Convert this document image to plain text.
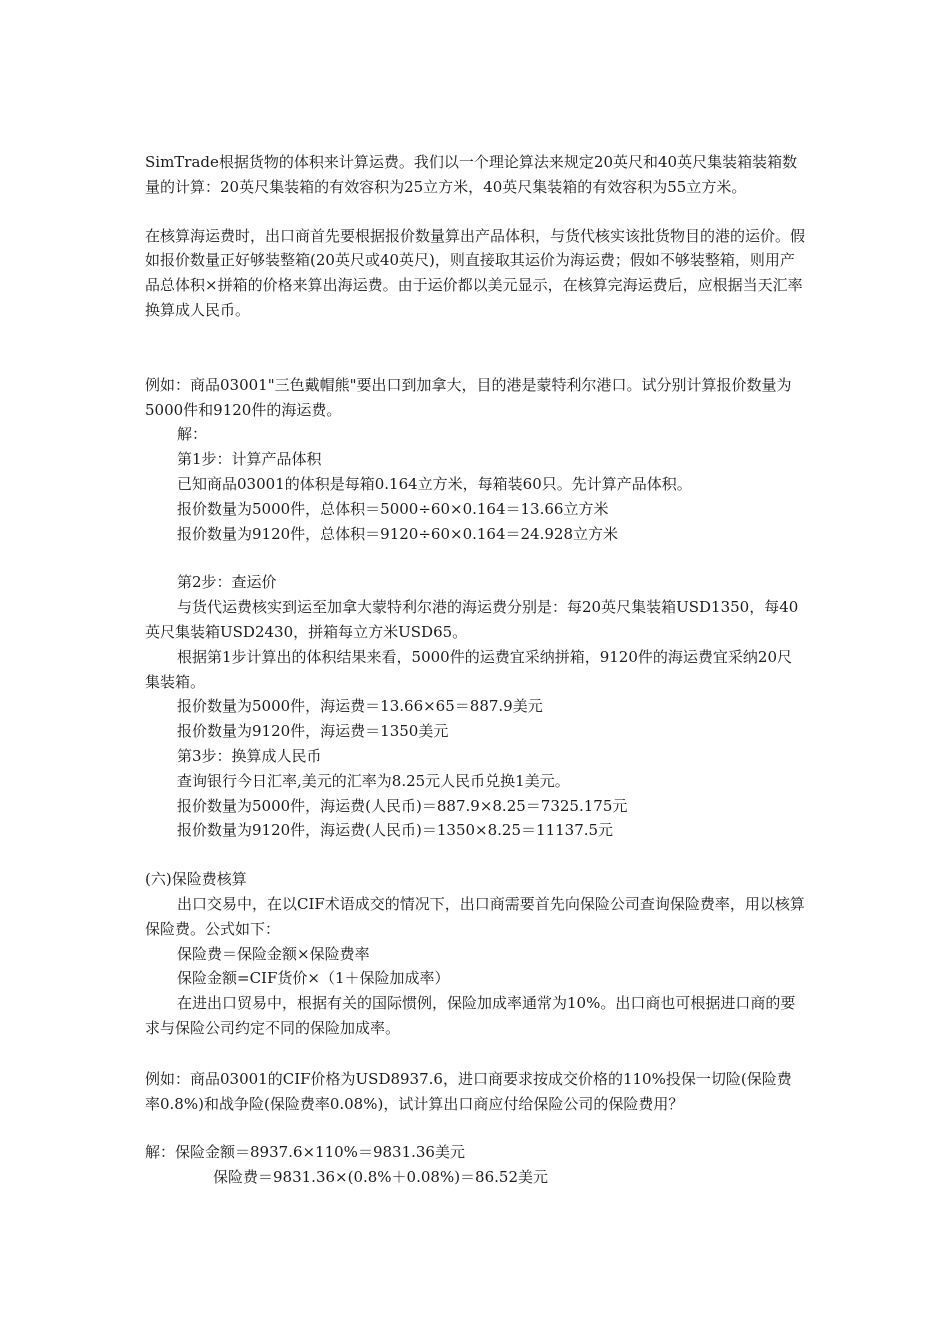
SimTrade根据货物的体积来计算运费。我们以一个理论算法来规定20英尺和40英尺集装箱装箱数量的计算：20英尺集装箱的有效容积为25立方米，40英尺集装箱的有效容积为55立方米。

在核算海运费时，出口商首先要根据报价数量算出产品体积，与货代核实该批货物目的港的运价。假如报价数量正好够装整箱(20英尺或40英尺)，则直接取其运价为海运费；假如不够装整箱，则用产品总体积×拼箱的价格来算出海运费。由于运价都以美元显示，在核算完海运费后，应根据当天汇率换算成人民币。

例如：商品03001"三色戴帽熊"要出口到加拿大，目的港是蒙特利尔港口。试分别计算报价数量为5000件和9120件的海运费。

解：

第1步：计算产品体积

已知商品03001的体积是每箱0.164立方米，每箱装60只。先计算产品体积。

报价数量为5000件，总体积＝5000÷60×0.164＝13.66立方米

报价数量为9120件，总体积＝9120÷60×0.164＝24.928立方米

第2步：查运价

与货代运费核实到运至加拿大蒙特利尔港的海运费分别是：每20英尺集装箱USD1350，每40英尺集装箱USD2430，拼箱每立方米USD65。

根据第1步计算出的体积结果来看，5000件的运费宜采纳拼箱，9120件的海运费宜采纳20尺集装箱。

报价数量为5000件，海运费＝13.66×65＝887.9美元

报价数量为9120件，海运费＝1350美元

第3步：换算成人民币

查询银行今日汇率,美元的汇率为8.25元人民币兑换1美元。

报价数量为5000件，海运费(人民币)＝887.9×8.25＝7325.175元

报价数量为9120件，海运费(人民币)＝1350×8.25＝11137.5元

(六)保险费核算

出口交易中，在以CIF术语成交的情况下，出口商需要首先向保险公司查询保险费率，用以核算保险费。公式如下：

保险费＝保险金额×保险费率

保险金额=CIF货价×（1＋保险加成率）

在进出口贸易中，根据有关的国际惯例，保险加成率通常为10%。出口商也可根据进口商的要求与保险公司约定不同的保险加成率。

例如：商品03001的CIF价格为USD8937.6，进口商要求按成交价格的110%投保一切险(保险费率0.8%)和战争险(保险费率0.08%)，试计算出口商应付给保险公司的保险费用？

解：保险金额＝8937.6×110%＝9831.36美元

保险费＝9831.36×(0.8%＋0.08%)＝86.52美元
